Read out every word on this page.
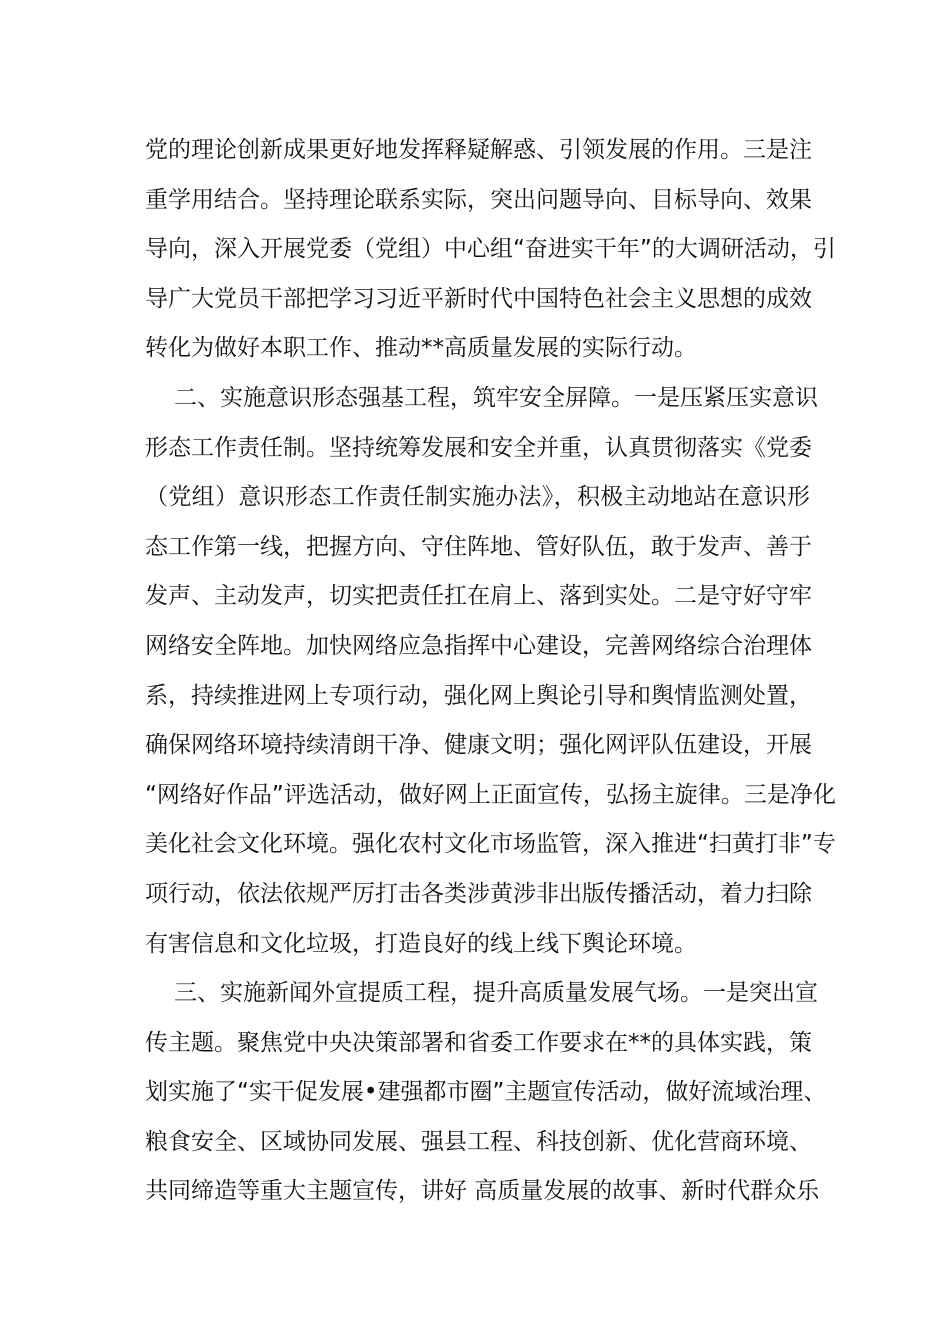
党的理论创新成果更好地发挥释疑解惑、引领发展的作用。三是注
重学用结合。坚持理论联系实际，突出问题导向、目标导向、效果
导向，深入开展党委（党组）中心组“奋进实干年”的大调研活动，引
导广大党员干部把学习习近平新时代中国特色社会主义思想的成效
转化为做好本职工作、推动**高质量发展的实际行动。
二、实施意识形态强基工程，筑牢安全屏障。一是压紧压实意识
形态工作责任制。坚持统筹发展和安全并重，认真贯彻落实《党委
（党组）意识形态工作责任制实施办法》，积极主动地站在意识形
态工作第一线，把握方向、守住阵地、管好队伍，敢于发声、善于
发声、主动发声，切实把责任扛在肩上、落到实处。二是守好守牢
网络安全阵地。加快网络应急指挥中心建设，完善网络综合治理体
系，持续推进网上专项行动，强化网上舆论引导和舆情监测处置，
确保网络环境持续清朗干净、健康文明；强化网评队伍建设，开展
“网络好作品”评选活动，做好网上正面宣传，弘扬主旋律。三是净化
美化社会文化环境。强化农村文化市场监管，深入推进“扫黄打非”专
项行动，依法依规严厉打击各类涉黄涉非出版传播活动，着力扫除
有害信息和文化垃圾，打造良好的线上线下舆论环境。
三、实施新闻外宣提质工程，提升高质量发展气场。一是突出宣
传主题。聚焦党中央决策部署和省委工作要求在**的具体实践，策
划实施了“实干促发展•建强都市圈”主题宣传活动，做好流域治理、
粮食安全、区域协同发展、强县工程、科技创新、优化营商环境、
共同缔造等重大主题宣传，讲好 高质量发展的故事、新时代群众乐
